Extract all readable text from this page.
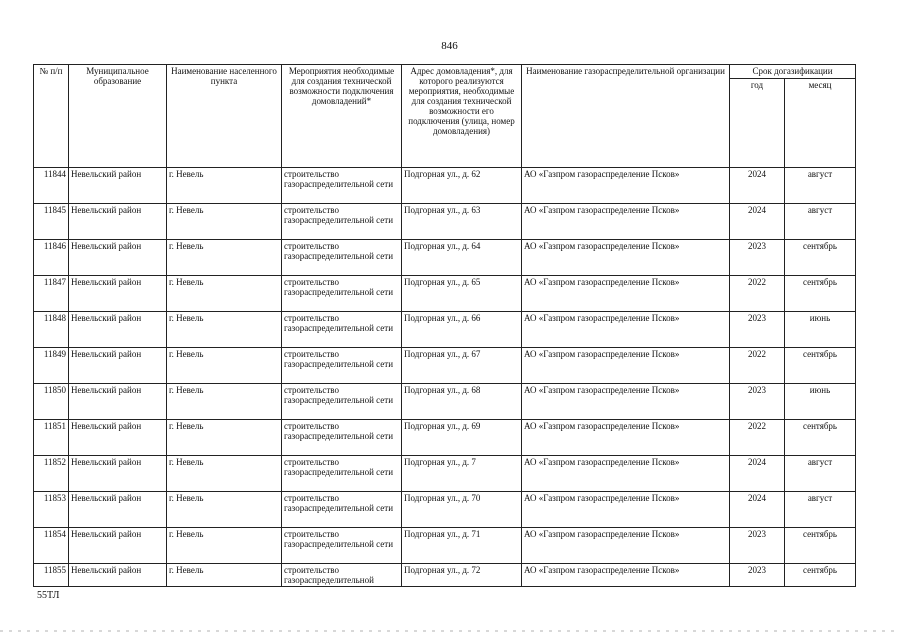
846
№ п/п	Муниципальное образование	Наименование населенного пункта	Мероприятия необходимые для создания технической возможности подключения домовладений*	Адрес домовладения*, для которого реализуются мероприятия, необходимые для создания технической возможности его подключения (улица, номер домовладения)	Наименование газораспределительной организации	Срок догазификации	
						год	месяц
11844	Невельский район	г. Невель	строительство газораспределительной сети	Подгорная ул., д. 62	АО «Газпром газораспределение Псков»	2024	август
11845	Невельский район	г. Невель	строительство газораспределительной сети	Подгорная ул., д. 63	АО «Газпром газораспределение Псков»	2024	август
11846	Невельский район	г. Невель	строительство газораспределительной сети	Подгорная ул., д. 64	АО «Газпром газораспределение Псков»	2023	сентябрь
11847	Невельский район	г. Невель	строительство газораспределительной сети	Подгорная ул., д. 65	АО «Газпром газораспределение Псков»	2022	сентябрь
11848	Невельский район	г. Невель	строительство газораспределительной сети	Подгорная ул., д. 66	АО «Газпром газораспределение Псков»	2023	июнь
11849	Невельский район	г. Невель	строительство газораспределительной сети	Подгорная ул., д. 67	АО «Газпром газораспределение Псков»	2022	сентябрь
11850	Невельский район	г. Невель	строительство газораспределительной сети	Подгорная ул., д. 68	АО «Газпром газораспределение Псков»	2023	июнь
11851	Невельский район	г. Невель	строительство газораспределительной сети	Подгорная ул., д. 69	АО «Газпром газораспределение Псков»	2022	сентябрь
11852	Невельский район	г. Невель	строительство газораспределительной сети	Подгорная ул., д. 7	АО «Газпром газораспределение Псков»	2024	август
11853	Невельский район	г. Невель	строительство газораспределительной сети	Подгорная ул., д. 70	АО «Газпром газораспределение Псков»	2024	август
11854	Невельский район	г. Невель	строительство газораспределительной сети	Подгорная ул., д. 71	АО «Газпром газораспределение Псков»	2023	сентябрь
11855	Невельский район	г. Невель	строительство газораспределительной	Подгорная ул., д. 72	АО «Газпром газораспределение Псков»	2023	сентябрь
55ТЛ
